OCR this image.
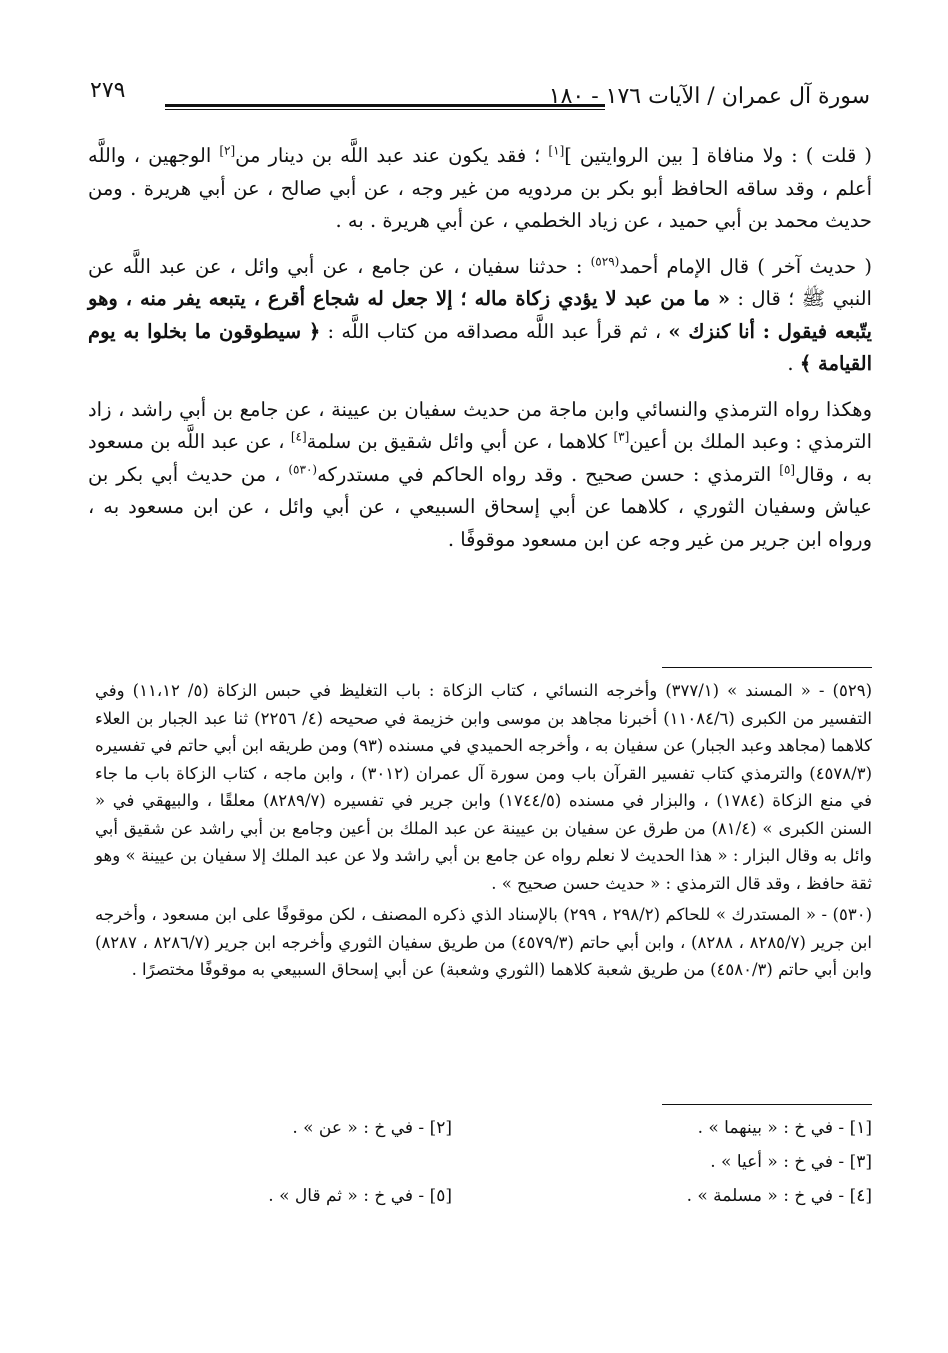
سورة آل عمران / الآيات ١٧٦ - ١٨٠
٢٧٩

( قلت ) : ولا منافاة [ بين الروايتين ][١] ؛ فقد يكون عند عبد اللَّه بن دينار من[٢] الوجهين ، واللَّه أعلم ، وقد ساقه الحافظ أبو بكر بن مردويه من غير وجه ، عن أبي صالح ، عن أبي هريرة . ومن حديث محمد بن أبي حميد ، عن زياد الخطمي ، عن أبي هريرة . به .

( حديث آخر ) قال الإمام أحمد$^{(٥٢٩)}$ : حدثنا سفيان ، عن جامع ، عن أبي وائل ، عن عبد اللَّه عن النبي ﷺ ؛ قال : « ما من عبد لا يؤدي زكاة ماله ؛ إلا جعل له شجاع أقرع ، يتبعه يفر منه ، وهو يتّبعه فيقول : أنا كنزك » ، ثم قرأ عبد اللَّه مصداقه من كتاب اللَّه : ﴿ سيطوقون ما بخلوا به يوم القيامة ﴾ .

وهكذا رواه الترمذي والنسائي وابن ماجة من حديث سفيان بن عيينة ، عن جامع بن أبي راشد ، زاد الترمذي : وعبد الملك بن أعين[٣] كلاهما ، عن أبي وائل شقيق بن سلمة[٤] ، عن عبد اللَّه بن مسعود به ، وقال[٥] الترمذي : حسن صحيح . وقد رواه الحاكم في مستدركه$^{(٥٣٠)}$ ، من حديث أبي بكر بن عياش وسفيان الثوري ، كلاهما عن أبي إسحاق السبيعي ، عن أبي وائل ، عن ابن مسعود به ، ورواه ابن جرير من غير وجه عن ابن مسعود موقوفًا .

(٥٢٩) - « المسند » (٣٧٧/١) وأخرجه النسائي ، كتاب الزكاة : باب التغليظ في حبس الزكاة (٥/ ١١،١٢) وفي التفسير من الكبرى (١١٠٨٤/٦) أخبرنا مجاهد بن موسى وابن خزيمة في صحيحه (٤/ ٢٢٥٦) ثنا عبد الجبار بن العلاء كلاهما (مجاهد وعبد الجبار) عن سفيان به ، وأخرجه الحميدي في مسنده (٩٣) ومن طريقه ابن أبي حاتم في تفسيره (٤٥٧٨/٣) والترمذي كتاب تفسير القرآن باب ومن سورة آل عمران (٣٠١٢) ، وابن ماجه ، كتاب الزكاة باب ما جاء في منع الزكاة (١٧٨٤) ، والبزار في مسنده (١٧٤٤/٥) وابن جرير في تفسيره (٨٢٨٩/٧) معلقًا ، والبيهقي في « السنن الكبرى » (٨١/٤) من طرق عن سفيان بن عيينة عن عبد الملك بن أعين وجامع بن أبي راشد عن شقيق أبي وائل به وقال البزار : « هذا الحديث لا نعلم رواه عن جامع بن أبي راشد ولا عن عبد الملك إلا سفيان بن عيينة » وهو ثقة حافظ ، وقد قال الترمذي : « حديث حسن صحيح » .

(٥٣٠) - « المستدرك » للحاكم (٢٩٨/٢ ، ٢٩٩) بالإسناد الذي ذكره المصنف ، لكن موقوفًا على ابن مسعود ، وأخرجه ابن جرير (٨٢٨٥/٧ ، ٨٢٨٨) ، وابن أبي حاتم (٤٥٧٩/٣) من طريق سفيان الثوري وأخرجه ابن جرير (٨٢٨٦/٧ ، ٨٢٨٧) وابن أبي حاتم (٤٥٨٠/٣) من طريق شعبة كلاهما (الثوري وشعبة) عن أبي إسحاق السبيعي به موقوفًا مختصرًا .

[١] - في خ : « بينهما » .
[٢] - في خ : « عن » .
[٣] - في خ : « أعيا » .
[٤] - في خ : « مسلمة » .
[٥] - في خ : « ثم قال » .
